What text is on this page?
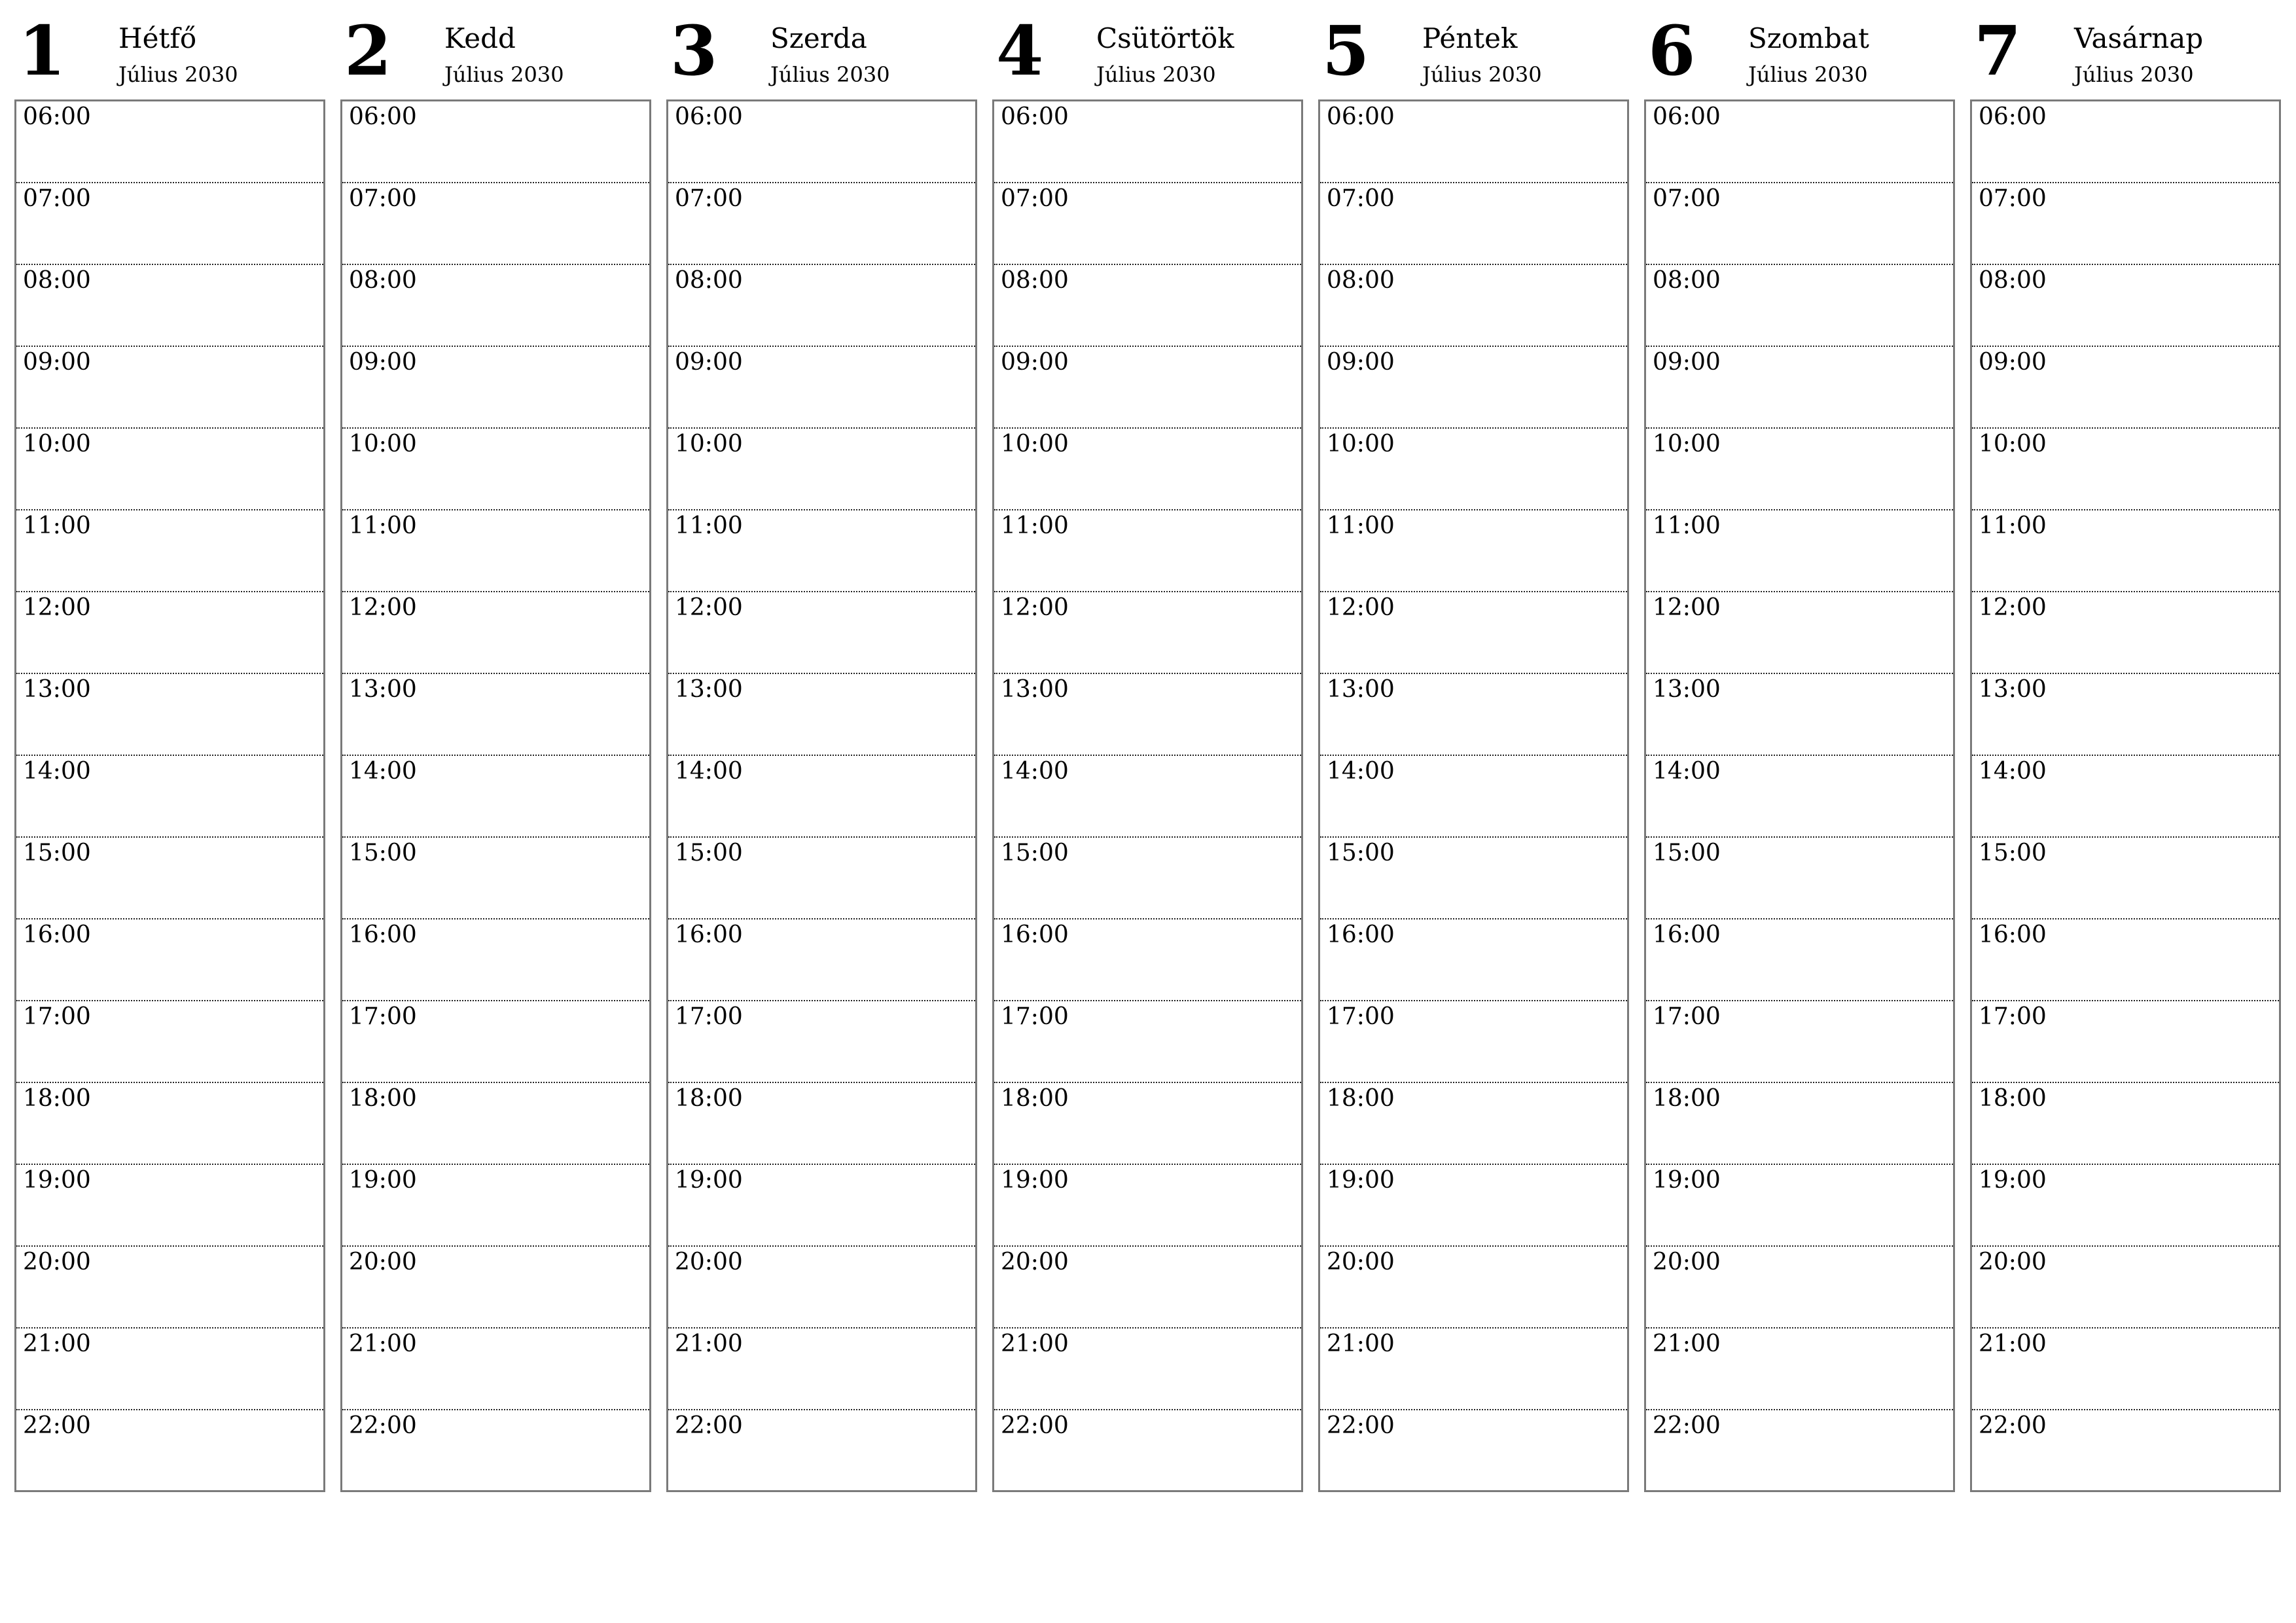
1 Hétfő
Július 2030
06:00
07:00
08:00
09:00
10:00
11:00
12:00
13:00
14:00
15:00
16:00
17:00
18:00
19:00
20:00
21:00
22:00
2 Kedd
Július 2030
06:00
07:00
08:00
09:00
10:00
11:00
12:00
13:00
14:00
15:00
16:00
17:00
18:00
19:00
20:00
21:00
22:00
3 Szerda
Július 2030
06:00
07:00
08:00
09:00
10:00
11:00
12:00
13:00
14:00
15:00
16:00
17:00
18:00
19:00
20:00
21:00
22:00
4 Csütörtök
Július 2030
06:00
07:00
08:00
09:00
10:00
11:00
12:00
13:00
14:00
15:00
16:00
17:00
18:00
19:00
20:00
21:00
22:00
5 Péntek
Július 2030
06:00
07:00
08:00
09:00
10:00
11:00
12:00
13:00
14:00
15:00
16:00
17:00
18:00
19:00
20:00
21:00
22:00
6 Szombat
Július 2030
06:00
07:00
08:00
09:00
10:00
11:00
12:00
13:00
14:00
15:00
16:00
17:00
18:00
19:00
20:00
21:00
22:00
7 Vasárnap
Július 2030
06:00
07:00
08:00
09:00
10:00
11:00
12:00
13:00
14:00
15:00
16:00
17:00
18:00
19:00
20:00
21:00
22:00
